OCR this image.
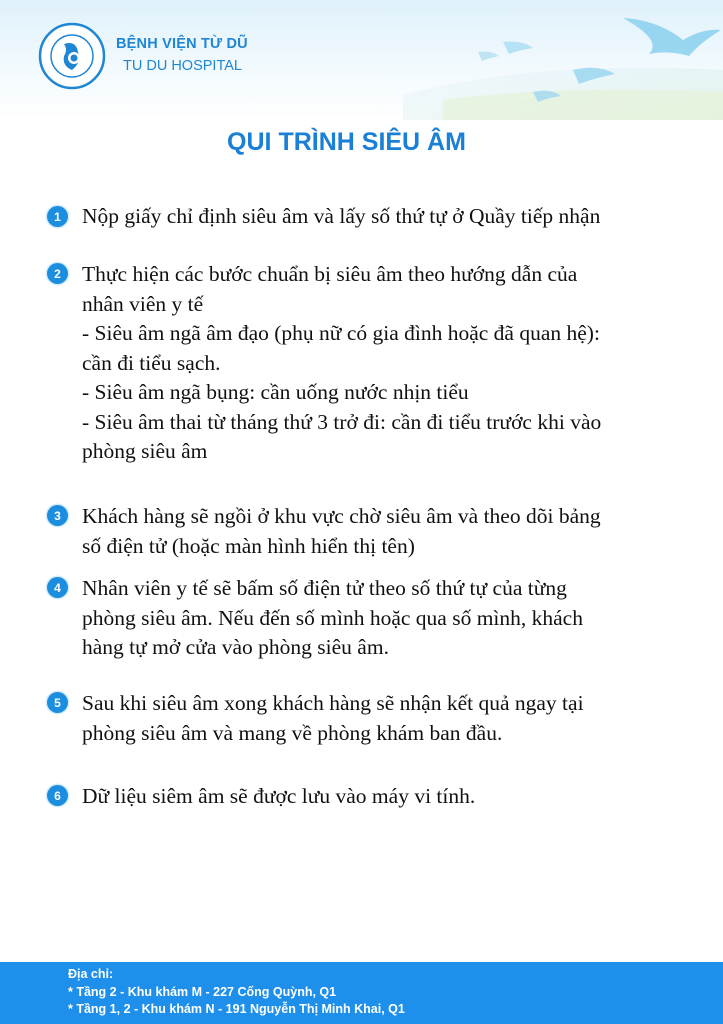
BỆNH VIỆN TỪ DŨ
TU DU HOSPITAL
QUI TRÌNH SIÊU ÂM
1 Nộp giấy chỉ định siêu âm và lấy số thứ tự ở Quầy tiếp nhận
2 Thực hiện các bước chuẩn bị siêu âm theo hướng dẫn của
nhân viên y tế
- Siêu âm ngã âm đạo (phụ nữ có gia đình hoặc đã quan hệ):
cần đi tiểu sạch.
- Siêu âm ngã bụng: cần uống nước nhịn tiểu
- Siêu âm thai từ tháng thứ 3 trở đi: cần đi tiểu trước khi vào
phòng siêu âm
3 Khách hàng sẽ ngồi ở khu vực chờ siêu âm và theo dõi bảng
số điện tử (hoặc màn hình hiển thị tên)
4 Nhân viên y tế sẽ bấm số điện tử theo số thứ tự của từng
phòng siêu âm. Nếu đến số mình hoặc qua số mình, khách
hàng tự mở cửa vào phòng siêu âm.
5 Sau khi siêu âm xong khách hàng sẽ nhận kết quả ngay tại
phòng siêu âm và mang về phòng khám ban đầu.
6 Dữ liệu siêm âm sẽ được lưu vào máy vi tính.
Địa chỉ:
* Tầng 2 - Khu khám M - 227 Cống Quỳnh, Q1
* Tầng 1, 2 - Khu khám N - 191 Nguyễn Thị Minh Khai, Q1
